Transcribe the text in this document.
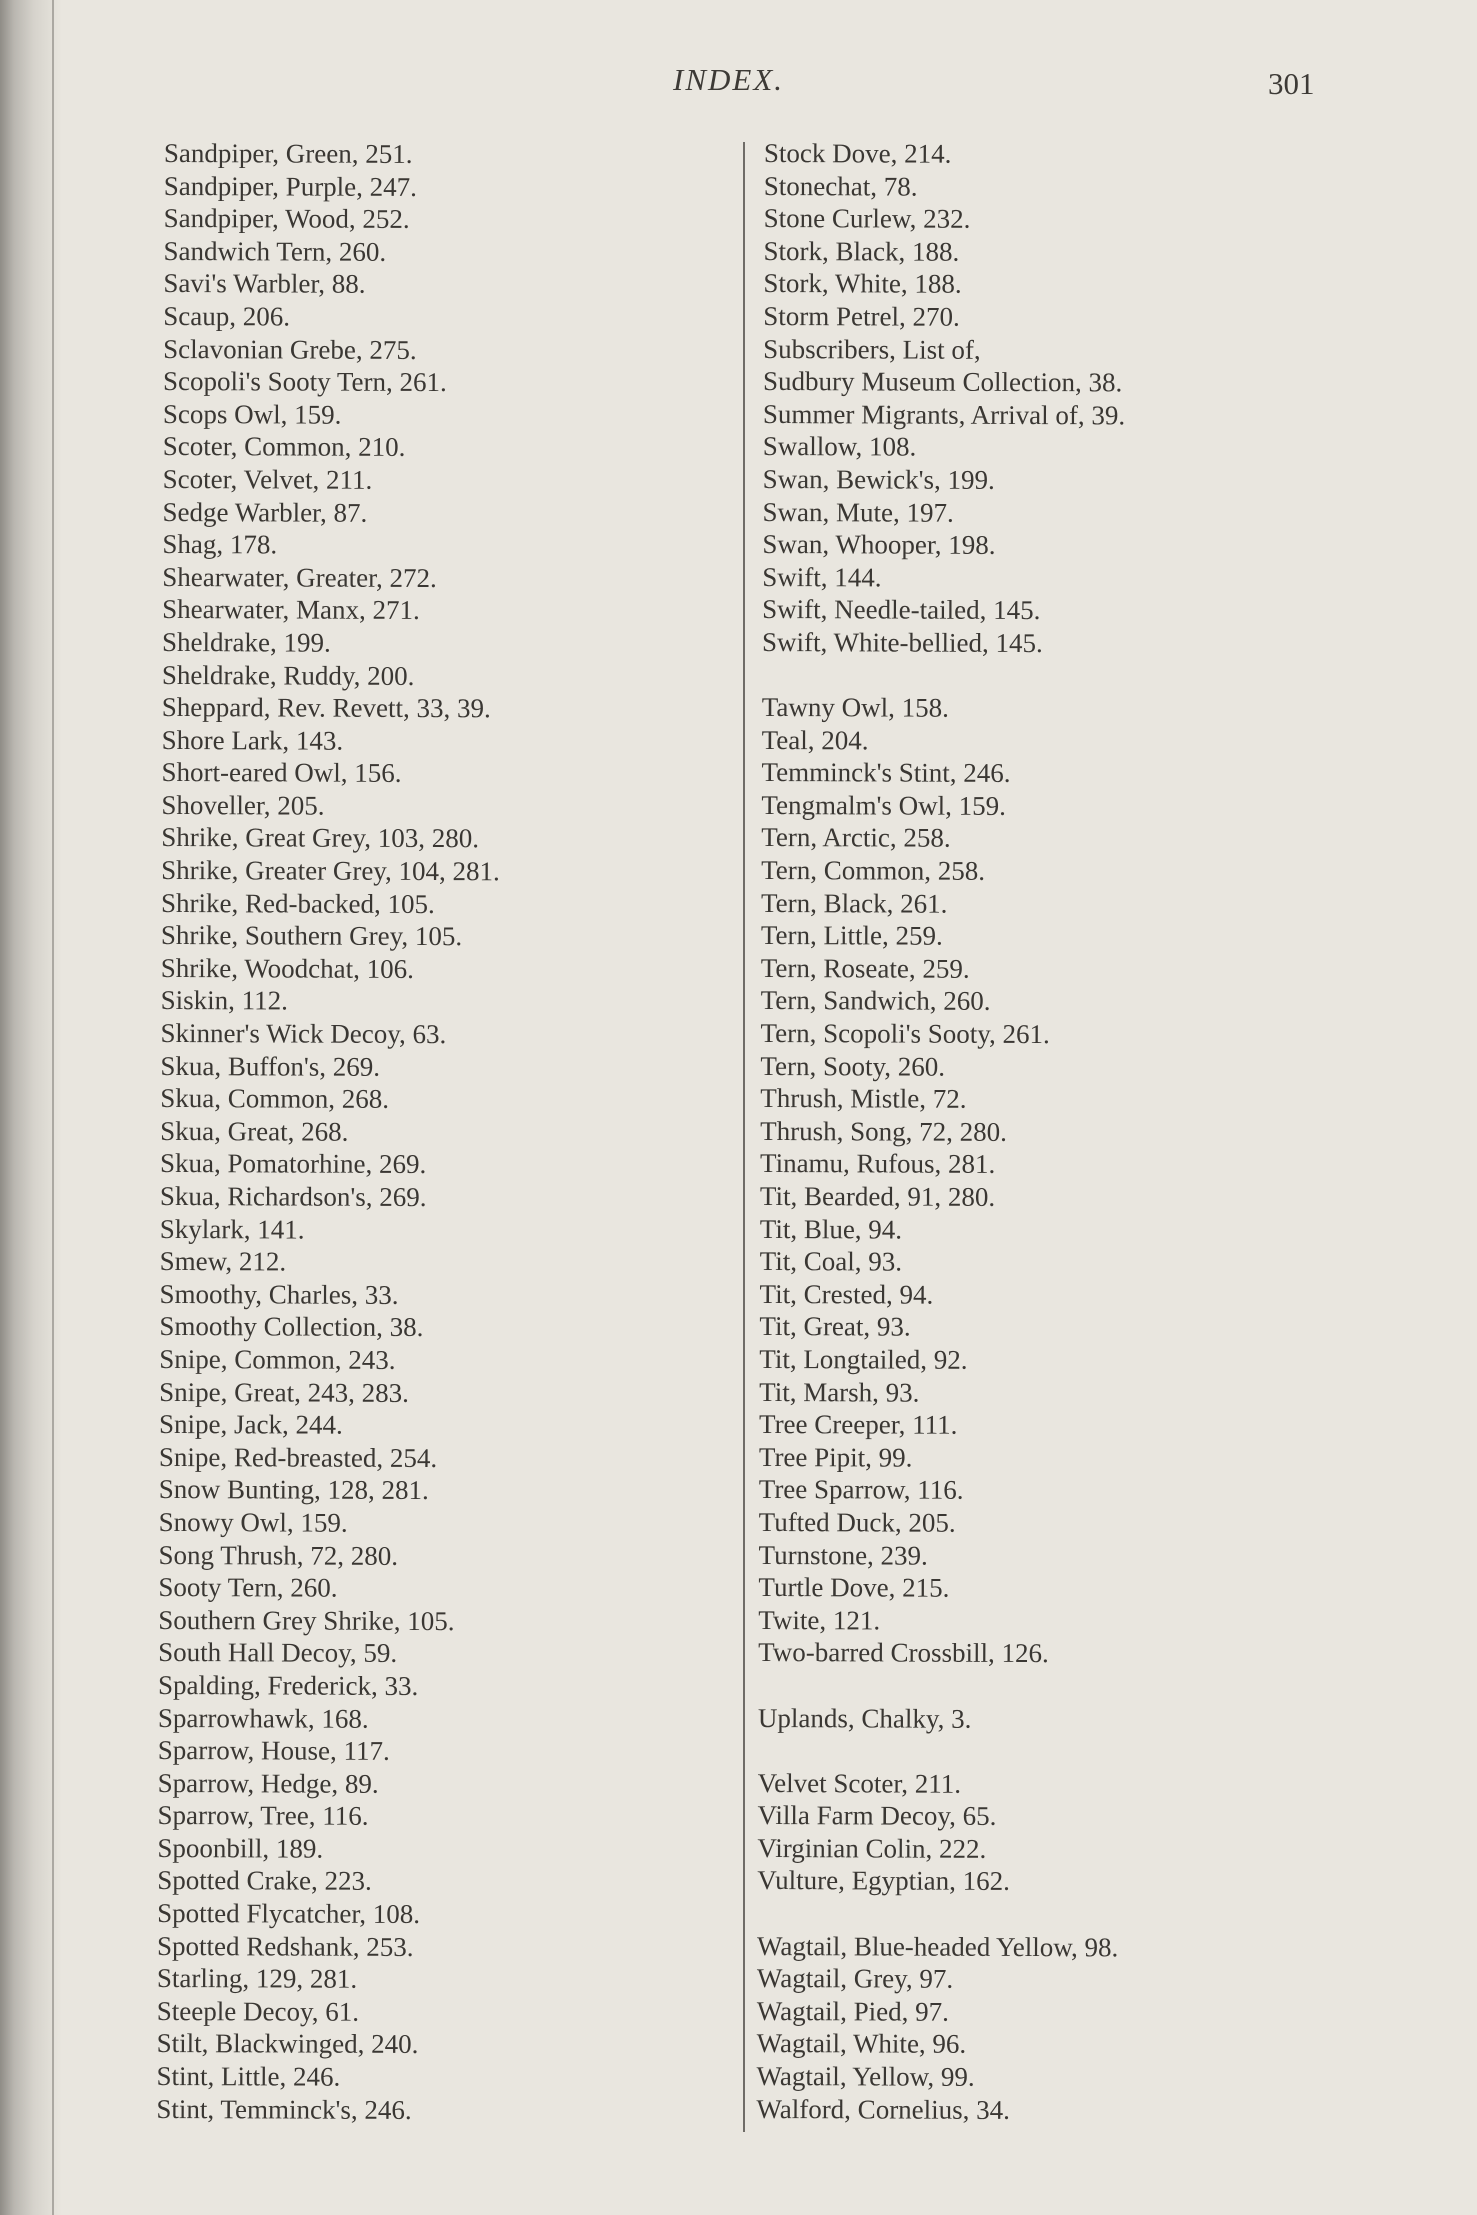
INDEX.	301
Sandpiper, Green, 251.
Sandpiper, Purple, 247.
Sandpiper, Wood, 252.
Sandwich Tern, 260.
Savi's Warbler, 88.
Scaup, 206.
Sclavonian Grebe, 275.
Scopoli's Sooty Tern, 261.
Scops Owl, 159.
Scoter, Common, 210.
Scoter, Velvet, 211.
Sedge Warbler, 87.
Shag, 178.
Shearwater, Greater, 272.
Shearwater, Manx, 271.
Sheldrake, 199.
Sheldrake, Ruddy, 200.
Sheppard, Rev. Revett, 33, 39.
Shore Lark, 143.
Short-eared Owl, 156.
Shoveller, 205.
Shrike, Great Grey, 103, 280.
Shrike, Greater Grey, 104, 281.
Shrike, Red-backed, 105.
Shrike, Southern Grey, 105.
Shrike, Woodchat, 106.
Siskin, 112.
Skinner's Wick Decoy, 63.
Skua, Buffon's, 269.
Skua, Common, 268.
Skua, Great, 268.
Skua, Pomatorhine, 269.
Skua, Richardson's, 269.
Skylark, 141.
Smew, 212.
Smoothy, Charles, 33.
Smoothy Collection, 38.
Snipe, Common, 243.
Snipe, Great, 243, 283.
Snipe, Jack, 244.
Snipe, Red-breasted, 254.
Snow Bunting, 128, 281.
Snowy Owl, 159.
Song Thrush, 72, 280.
Sooty Tern, 260.
Southern Grey Shrike, 105.
South Hall Decoy, 59.
Spalding, Frederick, 33.
Sparrowhawk, 168.
Sparrow, House, 117.
Sparrow, Hedge, 89.
Sparrow, Tree, 116.
Spoonbill, 189.
Spotted Crake, 223.
Spotted Flycatcher, 108.
Spotted Redshank, 253.
Starling, 129, 281.
Steeple Decoy, 61.
Stilt, Blackwinged, 240.
Stint, Little, 246.
Stint, Temminck's, 246.
Stock Dove, 214.
Stonechat, 78.
Stone Curlew, 232.
Stork, Black, 188.
Stork, White, 188.
Storm Petrel, 270.
Subscribers, List of,
Sudbury Museum Collection, 38.
Summer Migrants, Arrival of, 39.
Swallow, 108.
Swan, Bewick's, 199.
Swan, Mute, 197.
Swan, Whooper, 198.
Swift, 144.
Swift, Needle-tailed, 145.
Swift, White-bellied, 145.
Tawny Owl, 158.
Teal, 204.
Temminck's Stint, 246.
Tengmalm's Owl, 159.
Tern, Arctic, 258.
Tern, Common, 258.
Tern, Black, 261.
Tern, Little, 259.
Tern, Roseate, 259.
Tern, Sandwich, 260.
Tern, Scopoli's Sooty, 261.
Tern, Sooty, 260.
Thrush, Mistle, 72.
Thrush, Song, 72, 280.
Tinamu, Rufous, 281.
Tit, Bearded, 91, 280.
Tit, Blue, 94.
Tit, Coal, 93.
Tit, Crested, 94.
Tit, Great, 93.
Tit, Longtailed, 92.
Tit, Marsh, 93.
Tree Creeper, 111.
Tree Pipit, 99.
Tree Sparrow, 116.
Tufted Duck, 205.
Turnstone, 239.
Turtle Dove, 215.
Twite, 121.
Two-barred Crossbill, 126.
Uplands, Chalky, 3.
Velvet Scoter, 211.
Villa Farm Decoy, 65.
Virginian Colin, 222.
Vulture, Egyptian, 162.
Wagtail, Blue-headed Yellow, 98.
Wagtail, Grey, 97.
Wagtail, Pied, 97.
Wagtail, White, 96.
Wagtail, Yellow, 99.
Walford, Cornelius, 34.
